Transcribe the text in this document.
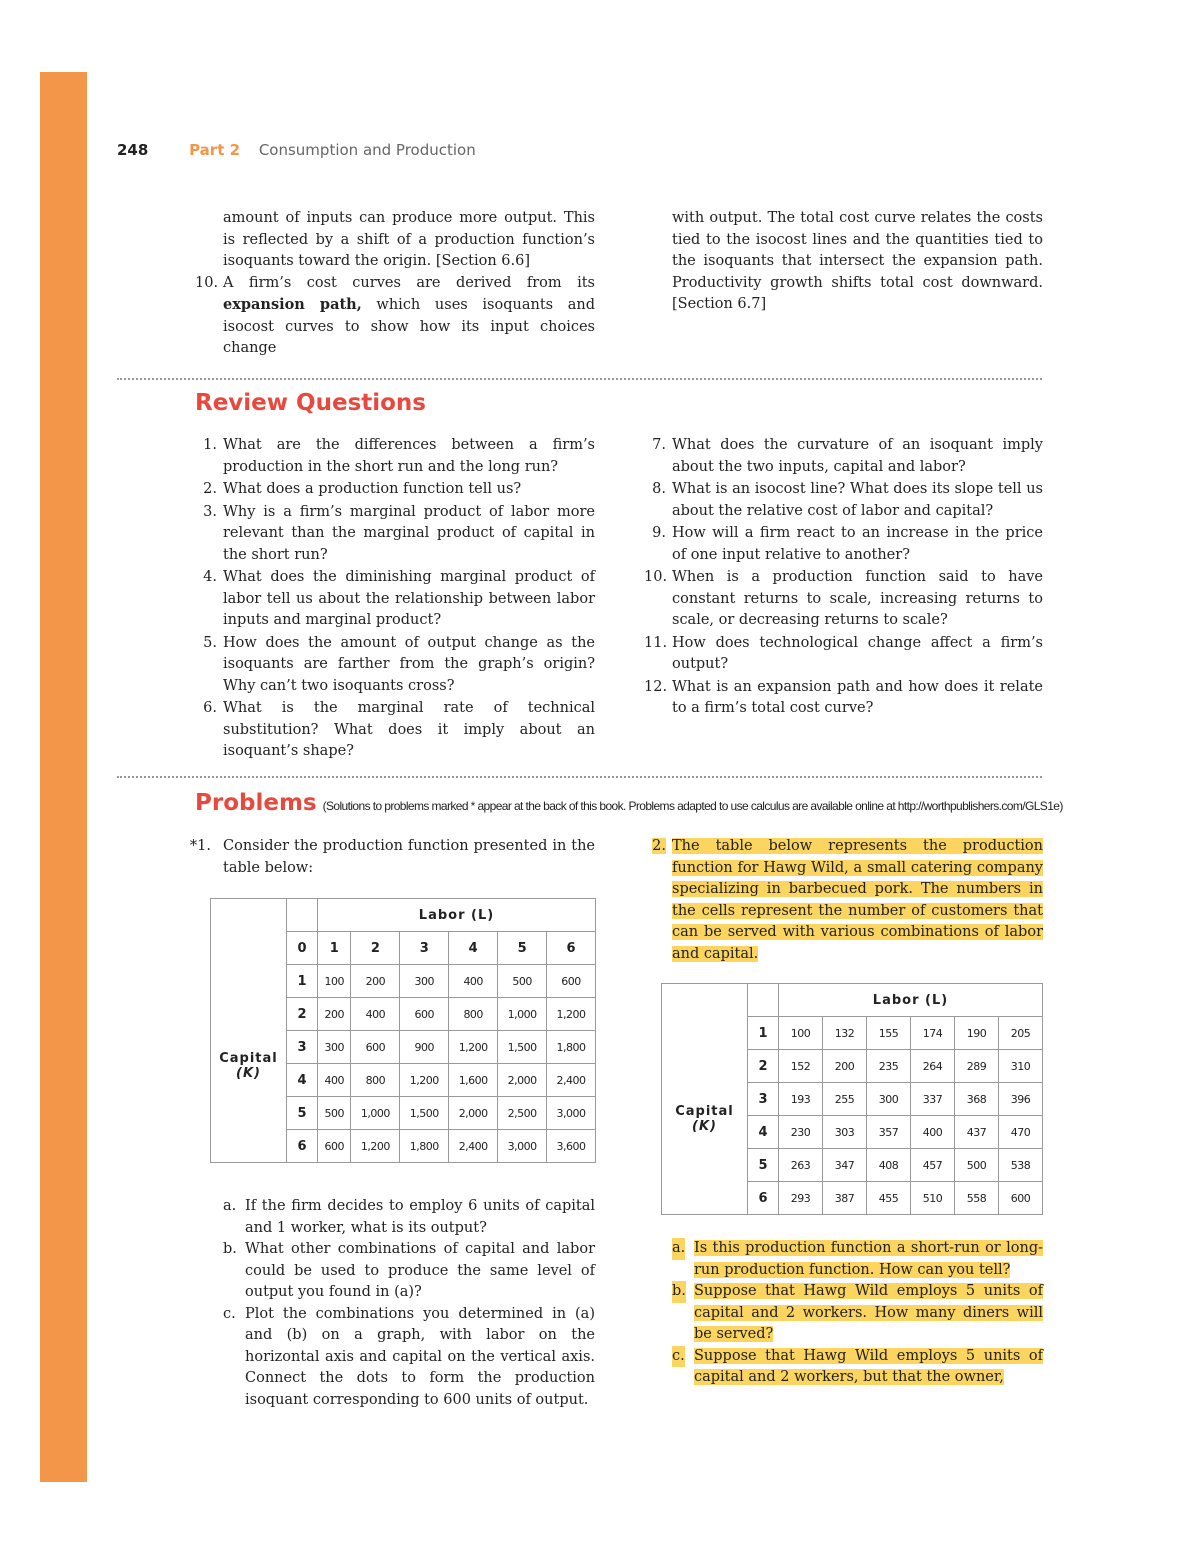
248	Part 2 Consumption and Production

amount of inputs can produce more output. This is reflected by a shift of a production function’s isoquants toward the origin. [Section 6.6]

10. A firm’s cost curves are derived from its expansion path, which uses isoquants and isocost curves to show how its input choices change

with output. The total cost curve relates the costs tied to the isocost lines and the quantities tied to the isoquants that intersect the expansion path. Productivity growth shifts total cost downward. [Section 6.7]

Review Questions
1. What are the differences between a firm’s production in the short run and the long run?
2. What does a production function tell us?
3. Why is a firm’s marginal product of labor more relevant than the marginal product of capital in the short run?
4. What does the diminishing marginal product of labor tell us about the relationship between labor inputs and marginal product?
5. How does the amount of output change as the isoquants are farther from the graph’s origin? Why can’t two isoquants cross?
6. What is the marginal rate of technical substitution? What does it imply about an isoquant’s shape?
7. What does the curvature of an isoquant imply about the two inputs, capital and labor?
8. What is an isocost line? What does its slope tell us about the relative cost of labor and capital?
9. How will a firm react to an increase in the price of one input relative to another?
10. When is a production function said to have constant returns to scale, increasing returns to scale, or decreasing returns to scale?
11. How does technological change affect a firm’s output?
12. What is an expansion path and how does it relate to a firm’s total cost curve?
Problems (Solutions to problems marked * appear at the back of this book. Problems adapted to use calculus are available online at http://worthpublishers.com/GLS1e)
*1. Consider the production function presented in the table below:
Capital
(K)		Labor (L)					
	0	1	2	3	4	5	6
	1	100	200	300	400	500	600
	2	200	400	600	800	1,000	1,200
	3	300	600	900	1,200	1,500	1,800
	4	400	800	1,200	1,600	2,000	2,400
	5	500	1,000	1,500	2,000	2,500	3,000
	6	600	1,200	1,800	2,400	3,000	3,600
a. If the firm decides to employ 6 units of capital and 1 worker, what is its output?
b. What other combinations of capital and labor could be used to produce the same level of output you found in (a)?
c. Plot the combinations you determined in (a) and (b) on a graph, with labor on the horizontal axis and capital on the vertical axis. Connect the dots to form the production isoquant corresponding to 600 units of output.
2. The table below represents the production function for Hawg Wild, a small catering company specializing in barbecued pork. The numbers in the cells represent the number of customers that can be served with various combinations of labor and capital.
Capital
(K)		Labor (L)					
	1	100	132	155	174	190	205
	2	152	200	235	264	289	310
	3	193	255	300	337	368	396
	4	230	303	357	400	437	470
	5	263	347	408	457	500	538
	6	293	387	455	510	558	600
a. Is this production function a short-run or long-run production function. How can you tell?
b. Suppose that Hawg Wild employs 5 units of capital and 2 workers. How many diners will be served?
c. Suppose that Hawg Wild employs 5 units of capital and 2 workers, but that the owner,
